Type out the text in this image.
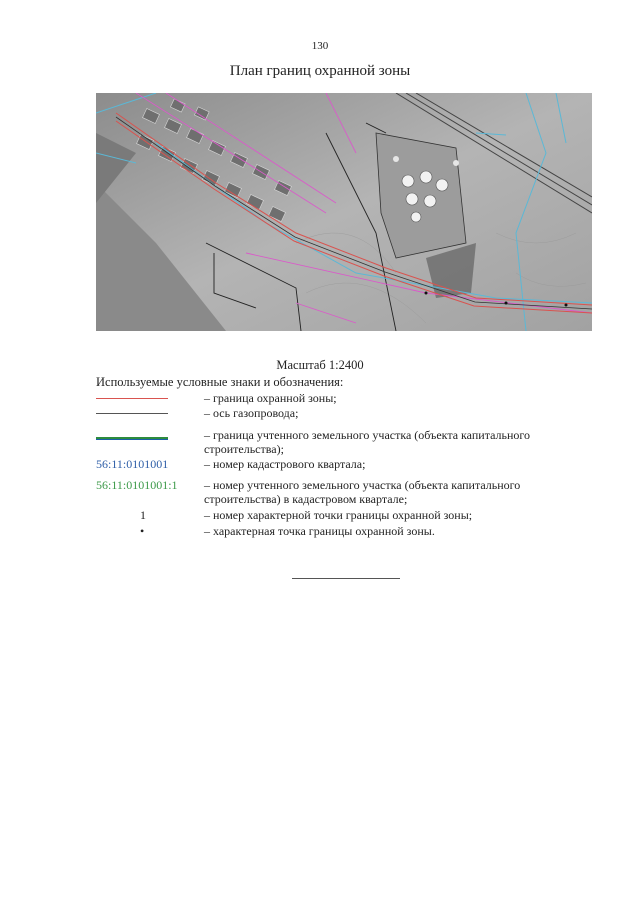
130
План границ охранной зоны
Масштаб 1:2400
Используемые условные знаки и обозначения:
– граница охранной зоны;
– ось газопровода;
– граница учтенного земельного участка (объекта капитального строительства);
56:11:0101001	– номер кадастрового квартала;
56:11:0101001:1 – номер учтенного земельного участка (объекта капитального строительства) в кадастровом квартале;
1	– номер характерной точки границы охранной зоны;
•	– характерная точка границы охранной зоны.
